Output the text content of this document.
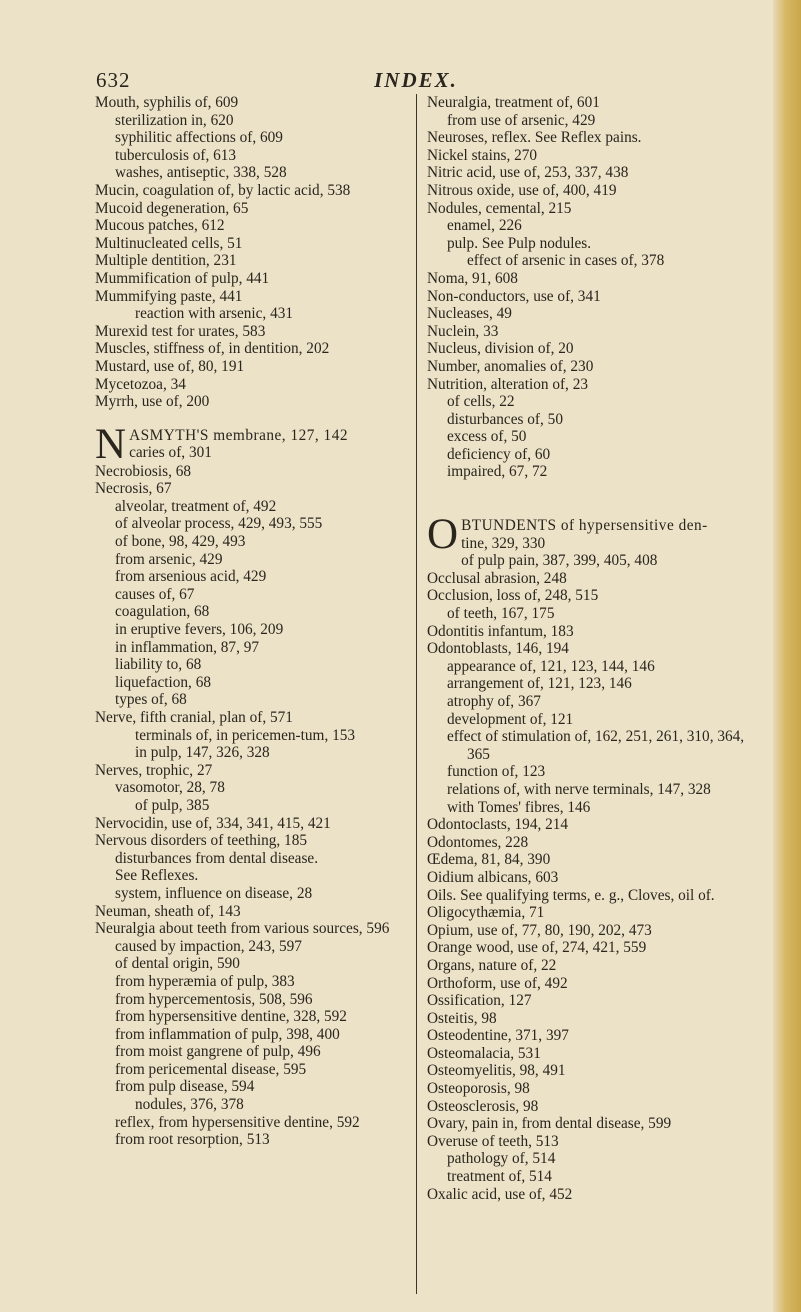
632	INDEX.
Mouth, syphilis of, 609
sterilization in, 620
syphilitic affections of, 609
tuberculosis of, 613
washes, antiseptic, 338, 528
Mucin, coagulation of, by lactic acid, 538
Mucoid degeneration, 65
Mucous patches, 612
Multinucleated cells, 51
Multiple dentition, 231
Mummification of pulp, 441
Mummifying paste, 441
reaction with arsenic, 431
Murexid test for urates, 583
Muscles, stiffness of, in dentition, 202
Mustard, use of, 80, 191
Mycetozoa, 34
Myrrh, use of, 200
N ASMYTH'S membrane, 127, 142
caries of, 301
Necrobiosis, 68
Necrosis, 67
alveolar, treatment of, 492
of alveolar process, 429, 493, 555
of bone, 98, 429, 493
from arsenic, 429
from arsenious acid, 429
causes of, 67
coagulation, 68
in eruptive fevers, 106, 209
in inflammation, 87, 97
liability to, 68
liquefaction, 68
types of, 68
Nerve, fifth cranial, plan of, 571
terminals of, in pericemen-tum, 153
in pulp, 147, 326, 328
Nerves, trophic, 27
vasomotor, 28, 78
of pulp, 385
Nervocidin, use of, 334, 341, 415, 421
Nervous disorders of teething, 185
disturbances from dental disease.
See Reflexes.
system, influence on disease, 28
Neuman, sheath of, 143
Neuralgia about teeth from various sources, 596
caused by impaction, 243, 597
of dental origin, 590
from hyperæmia of pulp, 383
from hypercementosis, 508, 596
from hypersensitive dentine, 328, 592
from inflammation of pulp, 398, 400
from moist gangrene of pulp, 496
from pericemental disease, 595
from pulp disease, 594
nodules, 376, 378
reflex, from hypersensitive dentine, 592
from root resorption, 513
Neuralgia, treatment of, 601
from use of arsenic, 429
Neuroses, reflex. See Reflex pains.
Nickel stains, 270
Nitric acid, use of, 253, 337, 438
Nitrous oxide, use of, 400, 419
Nodules, cemental, 215
enamel, 226
pulp. See Pulp nodules.
effect of arsenic in cases of, 378
Noma, 91, 608
Non-conductors, use of, 341
Nucleases, 49
Nuclein, 33
Nucleus, division of, 20
Number, anomalies of, 230
Nutrition, alteration of, 23
of cells, 22
disturbances of, 50
excess of, 50
deficiency of, 60
impaired, 67, 72
O BTUNDENTS of hypersensitive den-
tine, 329, 330
of pulp pain, 387, 399, 405, 408
Occlusal abrasion, 248
Occlusion, loss of, 248, 515
of teeth, 167, 175
Odontitis infantum, 183
Odontoblasts, 146, 194
appearance of, 121, 123, 144, 146
arrangement of, 121, 123, 146
atrophy of, 367
development of, 121
effect of stimulation of, 162, 251, 261, 310, 364, 365
function of, 123
relations of, with nerve terminals, 147, 328
with Tomes' fibres, 146
Odontoclasts, 194, 214
Odontomes, 228
Œdema, 81, 84, 390
Oidium albicans, 603
Oils. See qualifying terms, e. g., Cloves, oil of.
Oligocythæmia, 71
Opium, use of, 77, 80, 190, 202, 473
Orange wood, use of, 274, 421, 559
Organs, nature of, 22
Orthoform, use of, 492
Ossification, 127
Osteitis, 98
Osteodentine, 371, 397
Osteomalacia, 531
Osteomyelitis, 98, 491
Osteoporosis, 98
Osteosclerosis, 98
Ovary, pain in, from dental disease, 599
Overuse of teeth, 513
pathology of, 514
treatment of, 514
Oxalic acid, use of, 452
